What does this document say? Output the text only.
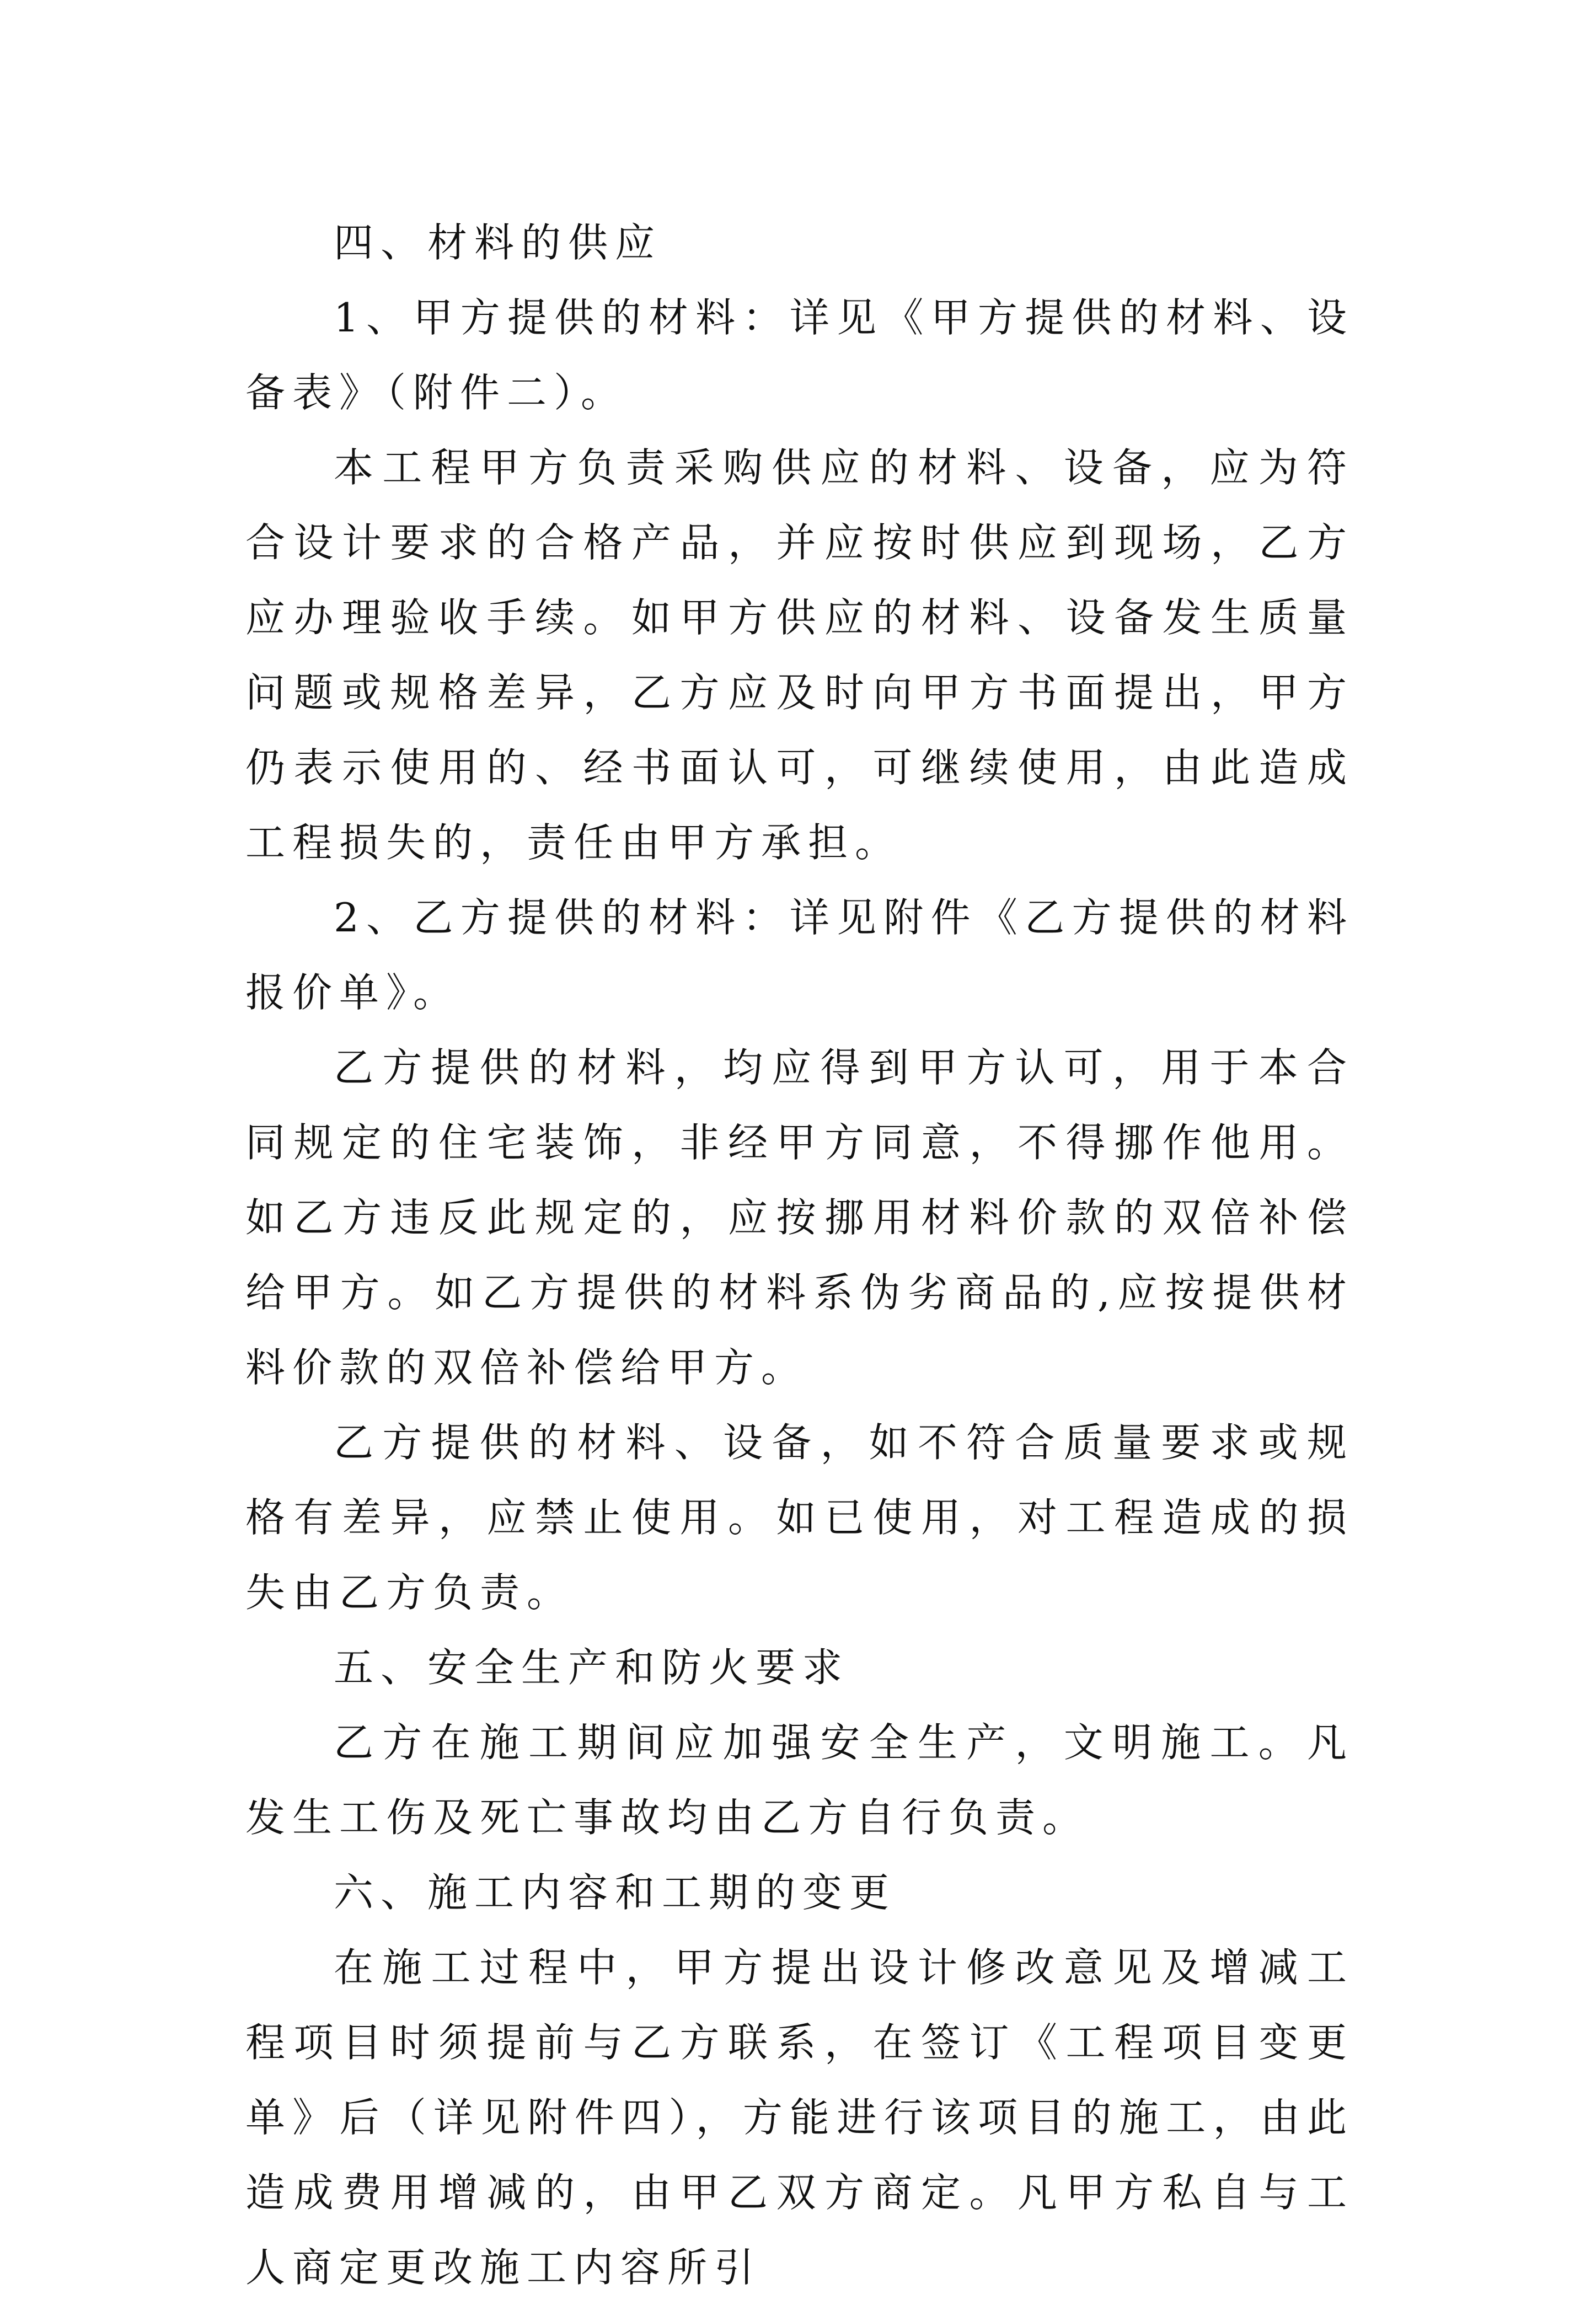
四、材料的供应

1、甲方提供的材料：详见《甲方提供的材料、设备表》（附件二）。

本工程甲方负责采购供应的材料、设备，应为符合设计要求的合格产品，并应按时供应到现场，乙方应办理验收手续。如甲方供应的材料、设备发生质量问题或规格差异，乙方应及时向甲方书面提出，甲方仍表示使用的、经书面认可，可继续使用，由此造成工程损失的，责任由甲方承担。

2、乙方提供的材料：详见附件《乙方提供的材料报价单》。

乙方提供的材料，均应得到甲方认可，用于本合同规定的住宅装饰，非经甲方同意，不得挪作他用。如乙方违反此规定的，应按挪用材料价款的双倍补偿给甲方。如乙方提供的材料系伪劣商品的,应按提供材料价款的双倍补偿给甲方。

乙方提供的材料、设备，如不符合质量要求或规格有差异，应禁止使用。如已使用，对工程造成的损失由乙方负责。

五、安全生产和防火要求

乙方在施工期间应加强安全生产，文明施工。凡发生工伤及死亡事故均由乙方自行负责。

六、施工内容和工期的变更

在施工过程中，甲方提出设计修改意见及增减工程项目时须提前与乙方联系，在签订《工程项目变更单》后（详见附件四），方能进行该项目的施工，由此造成费用增减的，由甲乙双方商定。凡甲方私自与工人商定更改施工内容所引
